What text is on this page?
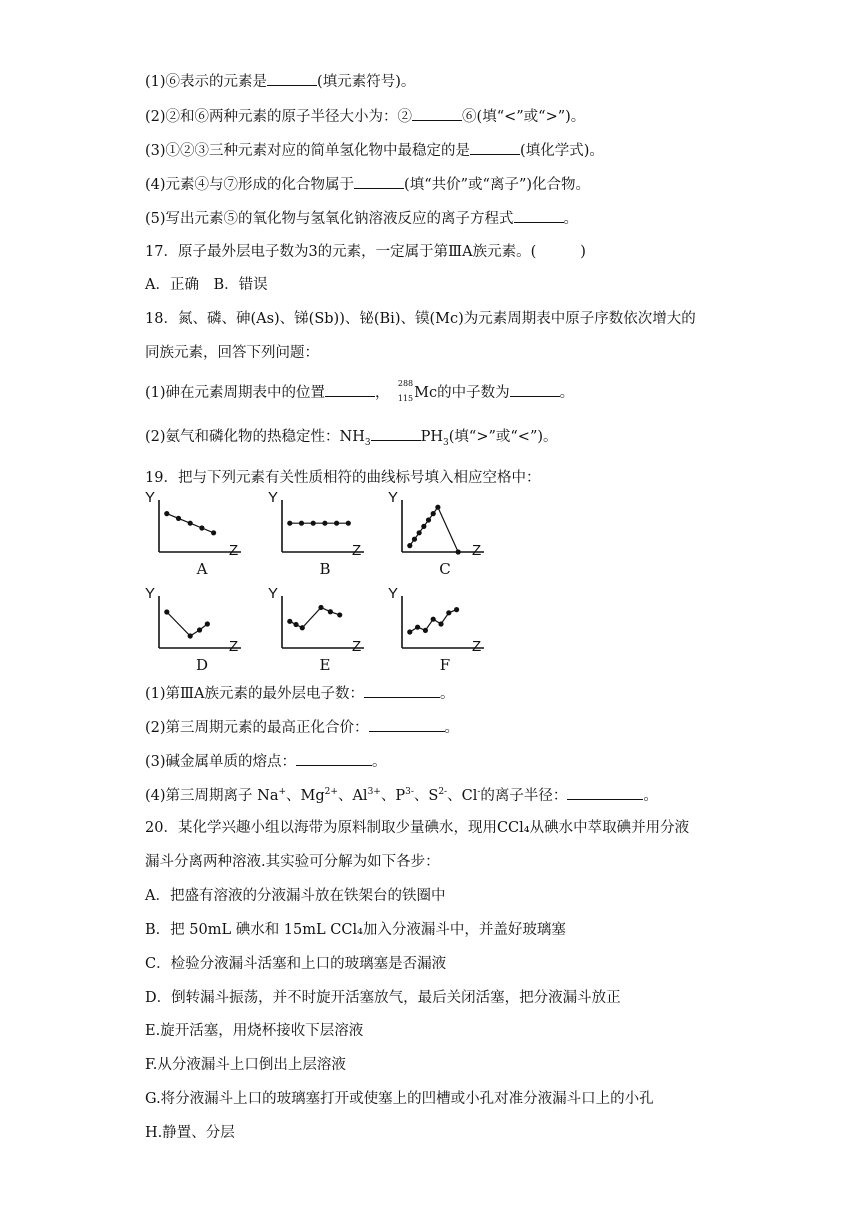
(1)⑥表示的元素是	(填元素符号)。
(2)②和⑥两种元素的原子半径大小为：②	⑥(填“<”或“>”)。
(3)①②③三种元素对应的简单氢化物中最稳定的是	(填化学式)。
(4)元素④与⑦形成的化合物属于	(填“共价”或“离子”)化合物。
(5)写出元素⑤的氧化物与氢氧化钠溶液反应的离子方程式	。
17．原子最外层电子数为3的元素，一定属于第ⅢA族元素。(	)
A．正确　B．错误
18．氮、磷、砷(As)、锑(Sb))、铋(Bi)、镆(Mc)为元素周期表中原子序数依次增大的
同族元素，回答下列问题：
(1)砷在元素周期表中的位置	，
288
115 Mc的中子数为	。
(2)氨气和磷化物的热稳定性：$NH_3$	$PH_3$(填“>”或“<”)。
19．把与下列元素有关性质相符的曲线标号填入相应空格中：
Y
Z
A
Y
Z
B
Y
Z
C
Y
Z
D
Y
Z
E
Y
Z
F
(1)第ⅢA族元素的最外层电子数：	。
(2)第三周期元素的最高正化合价：	。
(3)碱金属单质的熔点：	。
(4)第三周期离子 Na+、$Mg^{2+}$、$Al^{3+}$、$P^{3-}$、$S^{2-}$、Cl-的离子半径：	。
20．某化学兴趣小组以海带为原料制取少量碘水，现用CCl₄从碘水中萃取碘并用分液
漏斗分离两种溶液.其实验可分解为如下各步：
A．把盛有溶液的分液漏斗放在铁架台的铁圈中
B．把 50mL 碘水和 15mL CCl₄加入分液漏斗中，并盖好玻璃塞
C．检验分液漏斗活塞和上口的玻璃塞是否漏液
D．倒转漏斗振荡，并不时旋开活塞放气，最后关闭活塞，把分液漏斗放正
E.旋开活塞，用烧杯接收下层溶液
F.从分液漏斗上口倒出上层溶液
G.将分液漏斗上口的玻璃塞打开或使塞上的凹槽或小孔对准分液漏斗口上的小孔
H.静置、分层
